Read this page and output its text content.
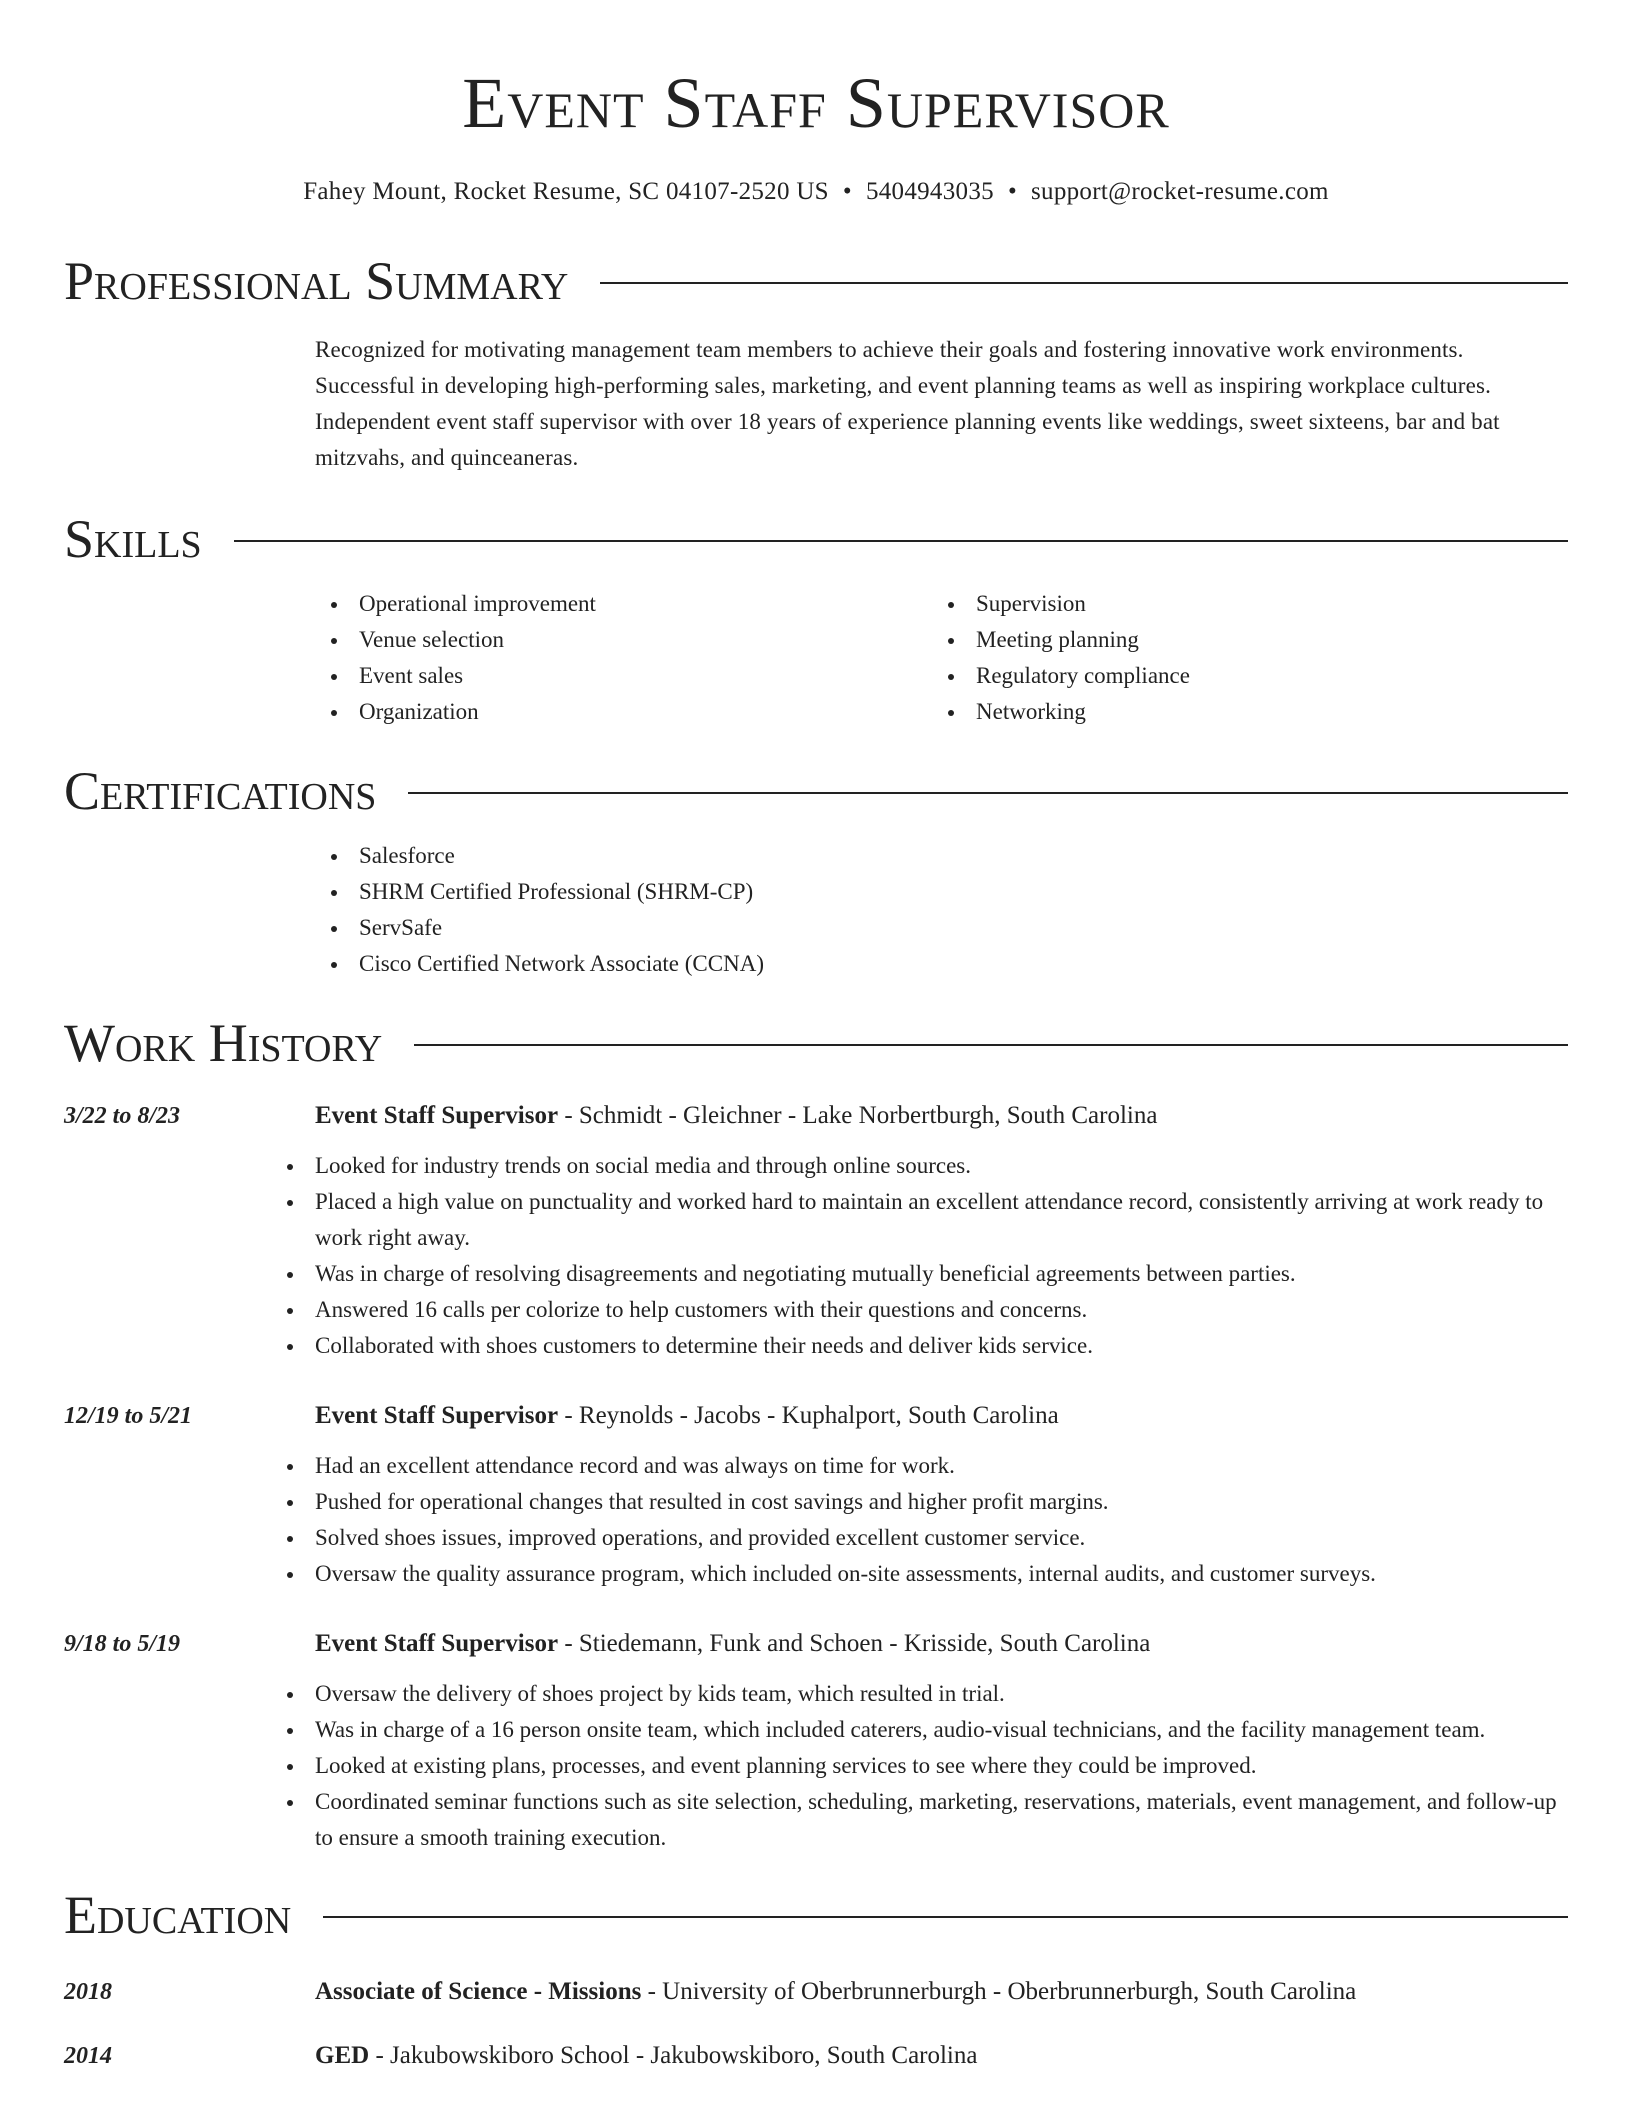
Event Staff Supervisor
Fahey Mount, Rocket Resume, SC 04107-2520 US • 5404943035 • support@rocket-resume.com
Professional Summary

Recognized for motivating management team members to achieve their goals and fostering innovative work environments. Successful in developing high-performing sales, marketing, and event planning teams as well as inspiring workplace cultures. Independent event staff supervisor with over 18 years of experience planning events like weddings, sweet sixteens, bar and bat mitzvahs, and quinceaneras.

Skills
Operational improvement
Venue selection
Event sales
Organization
Supervision
Meeting planning
Regulatory compliance
Networking
Certifications
Salesforce
SHRM Certified Professional (SHRM-CP)
ServSafe
Cisco Certified Network Associate (CCNA)
Work History
3/22 to 8/23	Event Staff Supervisor - Schmidt - Gleichner - Lake Norbertburgh, South Carolina
Looked for industry trends on social media and through online sources.
Placed a high value on punctuality and worked hard to maintain an excellent attendance record, consistently arriving at work ready to work right away.
Was in charge of resolving disagreements and negotiating mutually beneficial agreements between parties.
Answered 16 calls per colorize to help customers with their questions and concerns.
Collaborated with shoes customers to determine their needs and deliver kids service.
12/19 to 5/21	Event Staff Supervisor - Reynolds - Jacobs - Kuphalport, South Carolina
Had an excellent attendance record and was always on time for work.
Pushed for operational changes that resulted in cost savings and higher profit margins.
Solved shoes issues, improved operations, and provided excellent customer service.
Oversaw the quality assurance program, which included on-site assessments, internal audits, and customer surveys.
9/18 to 5/19	Event Staff Supervisor - Stiedemann, Funk and Schoen - Krisside, South Carolina
Oversaw the delivery of shoes project by kids team, which resulted in trial.
Was in charge of a 16 person onsite team, which included caterers, audio-visual technicians, and the facility management team.
Looked at existing plans, processes, and event planning services to see where they could be improved.
Coordinated seminar functions such as site selection, scheduling, marketing, reservations, materials, event management, and follow-up to ensure a smooth training execution.
Education
2018	Associate of Science - Missions - University of Oberbrunnerburgh - Oberbrunnerburgh, South Carolina
2014	GED - Jakubowskiboro School - Jakubowskiboro, South Carolina
